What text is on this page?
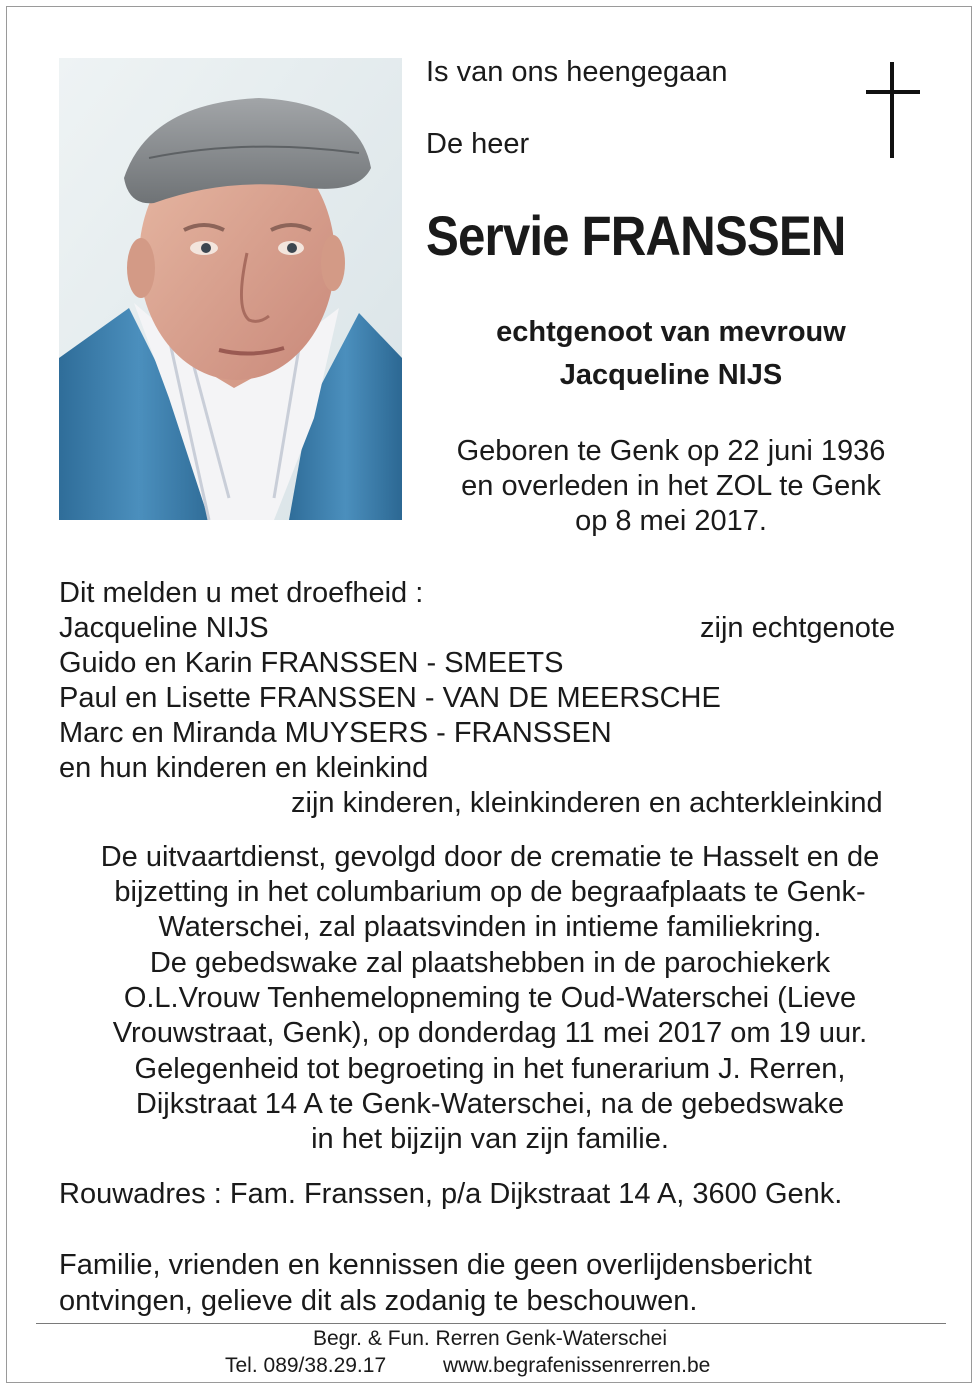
Is van ons heengegaan
De heer
Servie FRANSSEN
echtgenoot van mevrouw
Jacqueline NIJS
Geboren te Genk op 22 juni 1936
en overleden in het ZOL te Genk
op 8 mei 2017.
Dit melden u met droefheid :
Jacqueline NIJS	zijn echtgenote
Guido en Karin FRANSSEN - SMEETS
Paul en Lisette FRANSSEN - VAN DE MEERSCHE
Marc en Miranda MUYSERS - FRANSSEN
en hun kinderen en kleinkind
zijn kinderen, kleinkinderen en achterkleinkind
De uitvaartdienst, gevolgd door de crematie te Hasselt en de
bijzetting in het columbarium op de begraafplaats te Genk-
Waterschei, zal plaatsvinden in intieme familiekring.
De gebedswake zal plaatshebben in de parochiekerk
O.L.Vrouw Tenhemelopneming te Oud-Waterschei (Lieve
Vrouwstraat, Genk), op donderdag 11 mei 2017 om 19 uur.
Gelegenheid tot begroeting in het funerarium J. Rerren,
Dijkstraat 14 A te Genk-Waterschei, na de gebedswake
in het bijzijn van zijn familie.
Rouwadres : Fam. Franssen, p/a Dijkstraat 14 A, 3600 Genk.
Familie, vrienden en kennissen die geen overlijdensbericht
ontvingen, gelieve dit als zodanig te beschouwen.
Begr. & Fun. Rerren Genk-Waterschei
Tel. 089/38.29.17	www.begrafenissenrerren.be
